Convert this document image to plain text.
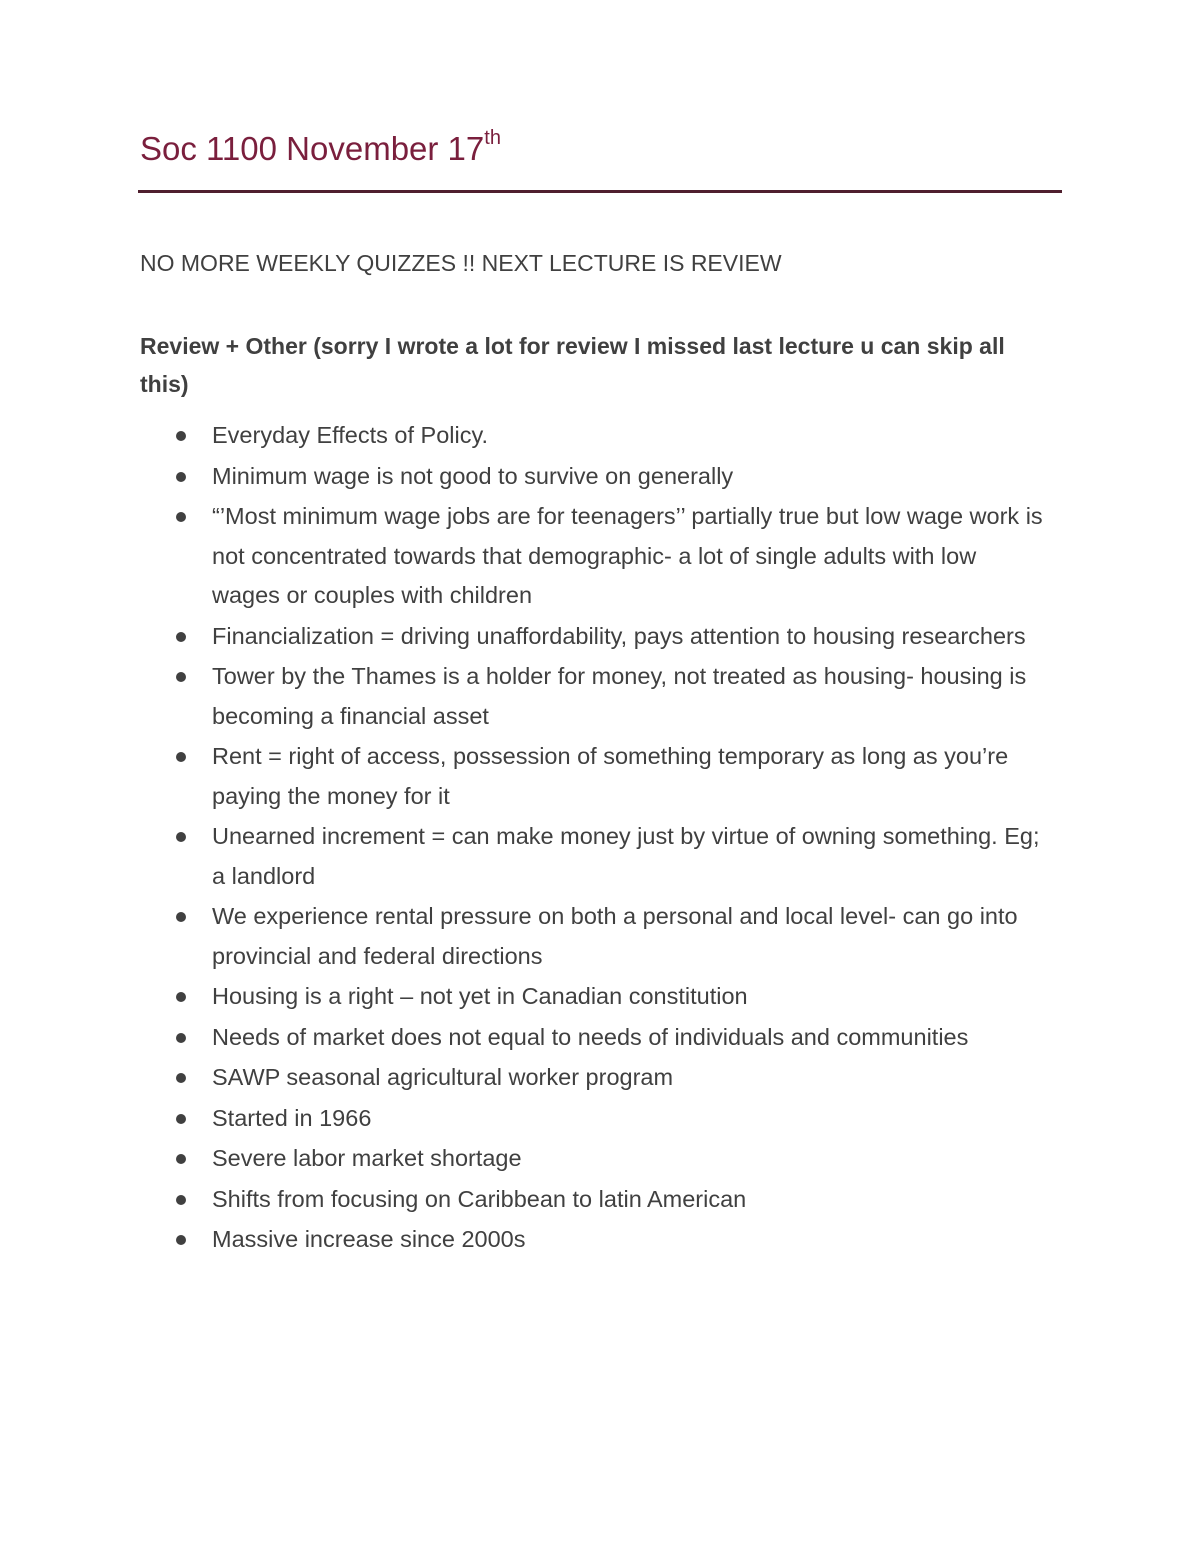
Soc 1100 November 17th

NO MORE WEEKLY QUIZZES !! NEXT LECTURE IS REVIEW

Review + Other (sorry I wrote a lot for review I missed last lecture u can skip all this)

Everyday Effects of Policy.
Minimum wage is not good to survive on generally
“’Most minimum wage jobs are for teenagers’’ partially true but low wage work is not concentrated towards that demographic- a lot of single adults with low wages or couples with children
Financialization = driving unaffordability, pays attention to housing researchers
Tower by the Thames is a holder for money, not treated as housing- housing is becoming a financial asset
Rent = right of access, possession of something temporary as long as you’re paying the money for it
Unearned increment = can make money just by virtue of owning something. Eg; a landlord
We experience rental pressure on both a personal and local level- can go into provincial and federal directions
Housing is a right – not yet in Canadian constitution
Needs of market does not equal to needs of individuals and communities
SAWP seasonal agricultural worker program
Started in 1966
Severe labor market shortage
Shifts from focusing on Caribbean to latin American
Massive increase since 2000s
